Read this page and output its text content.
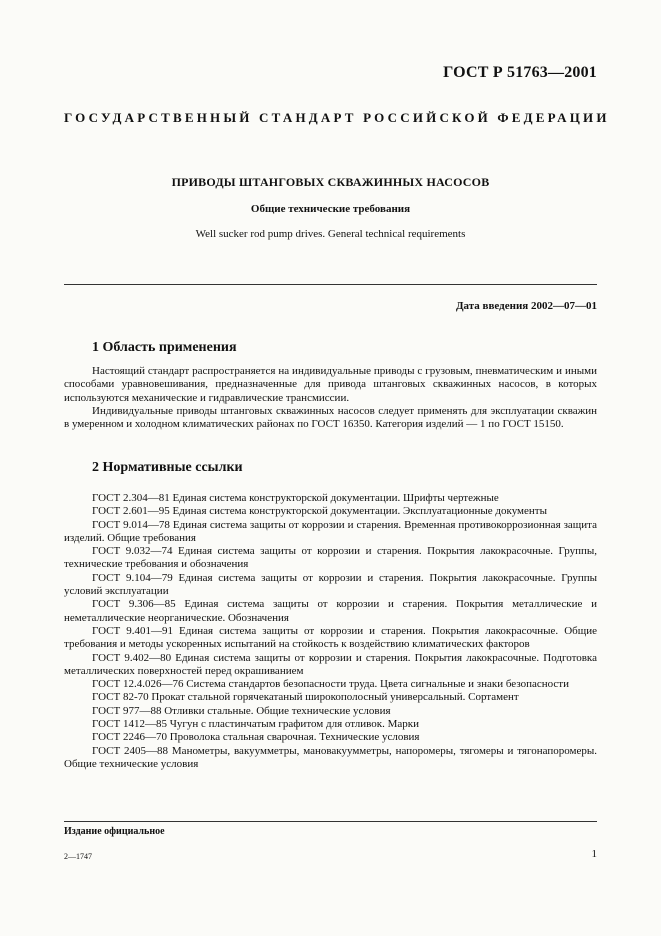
ГОСТ Р 51763—2001
ГОСУДАРСТВЕННЫЙ СТАНДАРТ РОССИЙСКОЙ ФЕДЕРАЦИИ
ПРИВОДЫ ШТАНГОВЫХ СКВАЖИННЫХ НАСОСОВ
Общие технические требования
Well sucker rod pump drives. General technical requirements
Дата введения 2002—07—01
1 Область применения

Настоящий стандарт распространяется на индивидуальные приводы с грузовым, пневматическим и иными способами уравновешивания, предназначенные для привода штанговых скважинных насосов, в которых используются механические и гидравлические трансмиссии.

Индивидуальные приводы штанговых скважинных насосов следует применять для эксплуатации скважин в умеренном и холодном климатических районах по ГОСТ 16350. Категория изделий — 1 по ГОСТ 15150.

2 Нормативные ссылки

ГОСТ 2.304—81 Единая система конструкторской документации. Шрифты чертежные

ГОСТ 2.601—95 Единая система конструкторской документации. Эксплуатационные документы

ГОСТ 9.014—78 Единая система защиты от коррозии и старения. Временная противокоррозионная защита изделий. Общие требования

ГОСТ 9.032—74 Единая система защиты от коррозии и старения. Покрытия лакокрасочные. Группы, технические требования и обозначения

ГОСТ 9.104—79 Единая система защиты от коррозии и старения. Покрытия лакокрасочные. Группы условий эксплуатации

ГОСТ 9.306—85 Единая система защиты от коррозии и старения. Покрытия металлические и неметаллические неорганические. Обозначения

ГОСТ 9.401—91 Единая система защиты от коррозии и старения. Покрытия лакокрасочные. Общие требования и методы ускоренных испытаний на стойкость к воздействию климатических факторов

ГОСТ 9.402—80 Единая система защиты от коррозии и старения. Покрытия лакокрасочные. Подготовка металлических поверхностей перед окрашиванием

ГОСТ 12.4.026—76 Система стандартов безопасности труда. Цвета сигнальные и знаки безопасности

ГОСТ 82-70 Прокат стальной горячекатаный широкополосный универсальный. Сортамент

ГОСТ 977—88 Отливки стальные. Общие технические условия

ГОСТ 1412—85 Чугун с пластинчатым графитом для отливок. Марки

ГОСТ 2246—70 Проволока стальная сварочная. Технические условия

ГОСТ 2405—88 Манометры, вакуумметры, мановакуумметры, напоромеры, тягомеры и тягонапоромеры. Общие технические условия

Издание официальное
2—1747	1
